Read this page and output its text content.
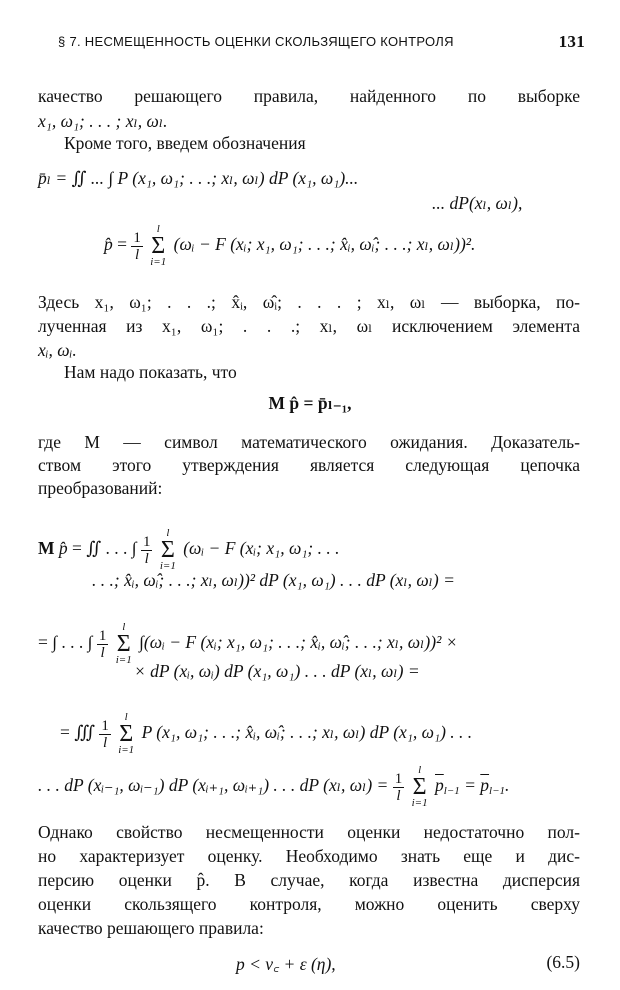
§ 7. НЕСМЕЩЕННОСТЬ ОЦЕНКИ СКОЛЬЗЯЩЕГО КОНТРОЛЯ	131
качество решающего правила, найденного по выборке
x₁, ω₁; . . . ; xₗ, ωₗ.
Кроме того, введем обозначения
p̄ₗ = ∬ ... ∫ P (x₁, ω₁; . . .; xₗ, ωₗ) dP (x₁, ω₁)...
... dP(xₗ, ωₗ),
p̂ = $\frac{1}{l}$

l
Σ
i=1
(ωᵢ − F (xᵢ; x₁, ω₁; . . .; x̂ᵢ, ω̂ᵢ; . . .; xₗ, ωₗ))².
Здесь x₁, ω₁; . . .; x̂ᵢ, ω̂ᵢ; . . . ; xₗ, ωₗ — выборка, по-
лученная из x₁, ω₁; . . .; xₗ, ωₗ исключением элемента
xᵢ, ωᵢ.
Нам надо показать, что
M p̂ = p̄ₗ₋₁,
где M — символ математического ожидания. Доказатель-
ством этого утверждения является следующая цепочка
преобразований:
M p̂ = ∬ . . . ∫ $\frac{1}{l}$

l
Σ
i=1
(ωᵢ − F (xᵢ; x₁, ω₁; . . .
. . .; x̂ᵢ, ω̂ᵢ; . . .; xₗ, ωₗ))² dP (x₁, ω₁) . . . dP (xₗ, ωₗ) =
= ∫ . . . ∫ $\frac{1}{l}$

l
Σ
i=1
∫(ωᵢ − F (xᵢ; x₁, ω₁; . . .; x̂ᵢ, ω̂ᵢ; . . .; xₗ, ωₗ))² ×
× dP (xᵢ, ωᵢ) dP (x₁, ω₁) . . . dP (xₗ, ωₗ) =
= ∭ $\frac{1}{l}$

l
Σ
i=1
P (x₁, ω₁; . . .; x̂ᵢ, ω̂ᵢ; . . .; xₗ, ωₗ) dP (x₁, ω₁) . . .
. . . dP (xᵢ₋₁, ωᵢ₋₁) dP (xᵢ₊₁, ωᵢ₊₁) . . . dP (xₗ, $\omega_l) = \frac{1}{l}$

l
Σ
i=1
$\overline{p}_{l-1} = \overline{p}_{l-1}$.
Однако свойство несмещенности оценки недостаточно пол-
но характеризует оценку. Необходимо знать еще и дис-
персию оценки p̂. В случае, когда известна дисперсия
оценки скользящего контроля, можно оценить сверху
качество решающего правила:
p < ν꜀ + ε (η),	(6.5)
